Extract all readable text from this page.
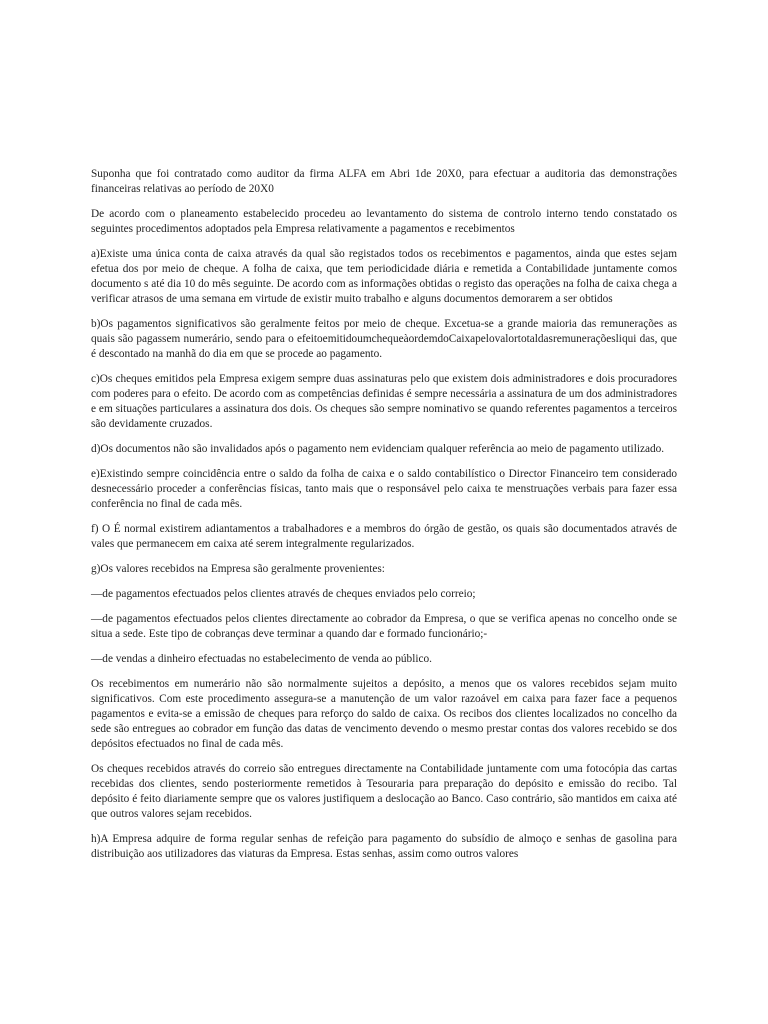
Suponha que foi contratado como auditor da firma ALFA em Abri 1de 20X0, para efectuar a auditoria das demonstrações financeiras relativas ao período de 20X0

De acordo com o planeamento estabelecido procedeu ao levantamento do sistema de controlo interno tendo constatado os seguintes procedimentos adoptados pela Empresa relativamente a pagamentos e recebimentos

a)Existe uma única conta de caixa através da qual são registados todos os recebimentos e pagamentos, ainda que estes sejam efetua dos por meio de cheque. A folha de caixa, que tem periodicidade diária e remetida a Contabilidade juntamente comos documento s até dia 10 do mês seguinte. De acordo com as informações obtidas o registo das operações na folha de caixa chega a verificar atrasos de uma semana em virtude de existir muito trabalho e alguns documentos demorarem a ser obtidos

b)Os pagamentos significativos são geralmente feitos por meio de cheque. Excetua-se a grande maioria das remunerações as quais são pagassem numerário, sendo para o efeitoemitidoumchequeàordemdoCaixapelovalortotaldasremuneraçõesliqui das, que é descontado na manhã do dia em que se procede ao pagamento.

c)Os cheques emitidos pela Empresa exigem sempre duas assinaturas pelo que existem dois administradores e dois procuradores com poderes para o efeito. De acordo com as competências definidas é sempre necessária a assinatura de um dos administradores e em situações particulares a assinatura dos dois. Os cheques são sempre nominativo se quando referentes pagamentos a terceiros são devidamente cruzados.

d)Os documentos não são invalidados após o pagamento nem evidenciam qualquer referência ao meio de pagamento utilizado.

e)Existindo sempre coincidência entre o saldo da folha de caixa e o saldo contabilístico o Director Financeiro tem considerado desnecessário proceder a conferências físicas, tanto mais que o responsável pelo caixa te menstruações verbais para fazer essa conferência no final de cada mês.

f) O É normal existirem adiantamentos a trabalhadores e a membros do órgão de gestão, os quais são documentados através de vales que permanecem em caixa até serem integralmente regularizados.

g)Os valores recebidos na Empresa são geralmente provenientes:

—de pagamentos efectuados pelos clientes através de cheques enviados pelo correio;

—de pagamentos efectuados pelos clientes directamente ao cobrador da Empresa, o que se verifica apenas no concelho onde se situa a sede. Este tipo de cobranças deve terminar a quando dar e formado funcionário;-

—de vendas a dinheiro efectuadas no estabelecimento de venda ao público.

Os recebimentos em numerário não são normalmente sujeitos a depósito, a menos que os valores recebidos sejam muito significativos. Com este procedimento assegura-se a manutenção de um valor razoável em caixa para fazer face a pequenos pagamentos e evita-se a emissão de cheques para reforço do saldo de caixa. Os recibos dos clientes localizados no concelho da sede são entregues ao cobrador em função das datas de vencimento devendo o mesmo prestar contas dos valores recebido se dos depósitos efectuados no final de cada mês.

Os cheques recebidos através do correio são entregues directamente na Contabilidade juntamente com uma fotocópia das cartas recebidas dos clientes, sendo posteriormente remetidos à Tesouraria para preparação do depósito e emissão do recibo. Tal depósito é feito diariamente sempre que os valores justifiquem a deslocação ao Banco. Caso contrário, são mantidos em caixa até que outros valores sejam recebidos.

h)A Empresa adquire de forma regular senhas de refeição para pagamento do subsídio de almoço e senhas de gasolina para distribuição aos utilizadores das viaturas da Empresa. Estas senhas, assim como outros valores
